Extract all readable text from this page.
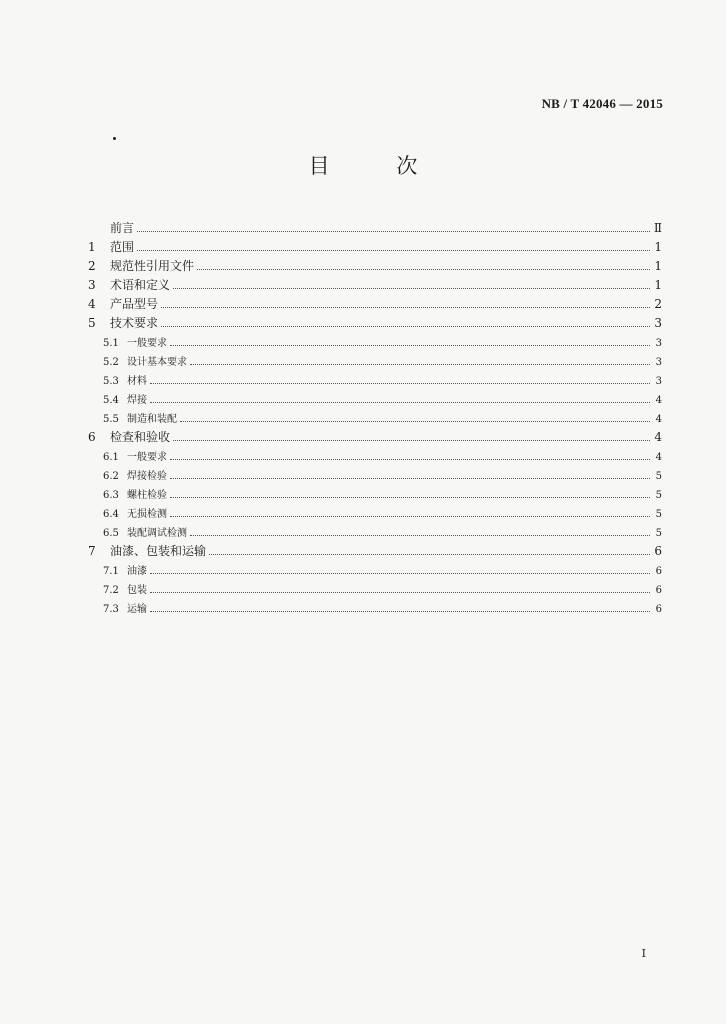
NB / T 42046 — 2015
目 次
前言	Ⅱ
1	范围	1
2	规范性引用文件	1
3	术语和定义	1
4	产品型号	2
5	技术要求	3
5.1 一般要求	3
5.2 设计基本要求	3
5.3 材料	3
5.4 焊接	4
5.5 制造和装配	4
6	检查和验收	4
6.1 一般要求	4
6.2 焊接检验	5
6.3 螺柱检验	5
6.4 无损检测	5
6.5 装配调试检测	5
7	油漆、包装和运输	6
7.1 油漆	6
7.2 包装	6
7.3 运输	6
I
